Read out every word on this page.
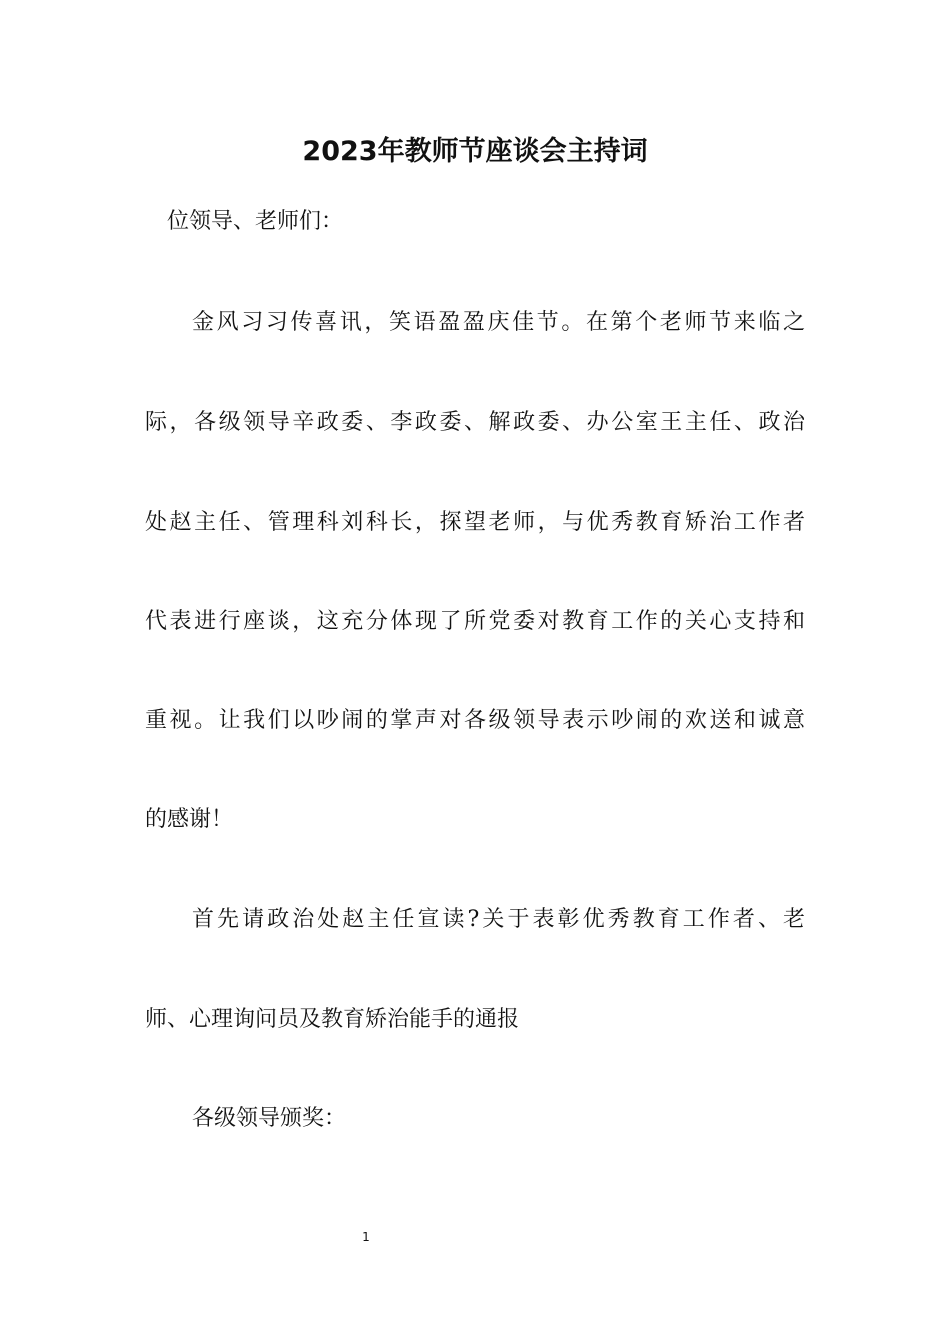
2023年教师节座谈会主持词

位领导、老师们：

金风习习传喜讯，笑语盈盈庆佳节。在第个老师节来临之

际，各级领导辛政委、李政委、解政委、办公室王主任、政治

处赵主任、管理科刘科长，探望老师，与优秀教育矫治工作者

代表进行座谈，这充分体现了所党委对教育工作的关心支持和

重视。让我们以吵闹的掌声对各级领导表示吵闹的欢送和诚意

的感谢！

首先请政治处赵主任宣读?关于表彰优秀教育工作者、老

师、心理询问员及教育矫治能手的通报

各级领导颁奖：

1
